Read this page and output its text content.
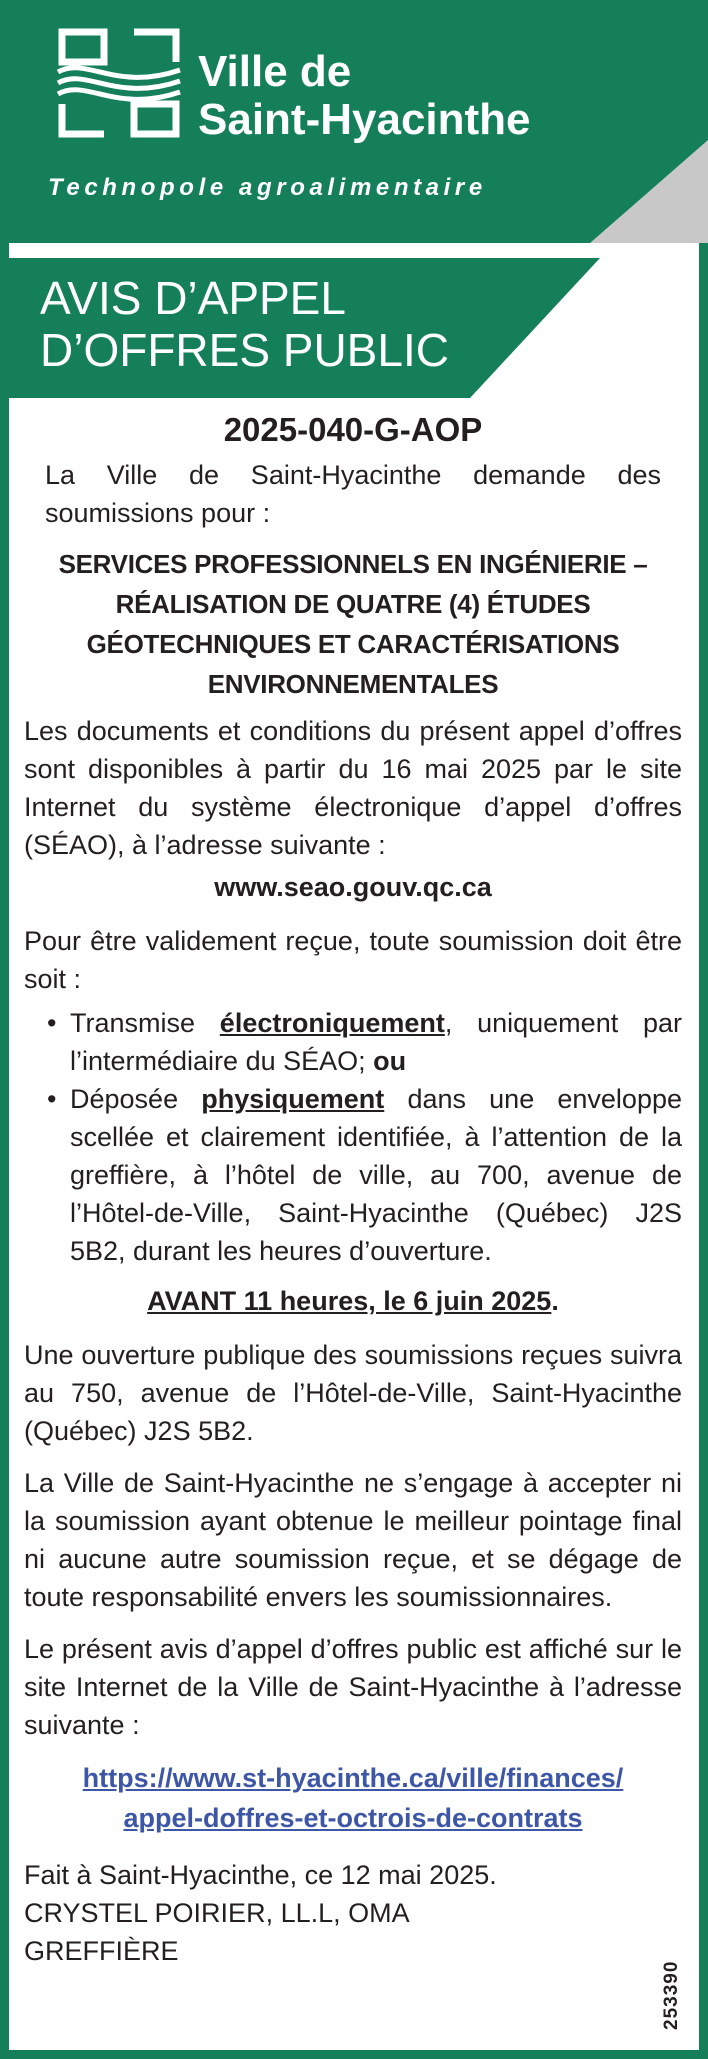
Ville de
Saint-Hyacinthe
Technopole agroalimentaire
AVIS D’APPEL
D’OFFRES PUBLIC
2025-040-G-AOP
La Ville de Saint-Hyacinthe demande des soumissions pour :
SERVICES PROFESSIONNELS EN INGÉNIERIE –
RÉALISATION DE QUATRE (4) ÉTUDES
GÉOTECHNIQUES ET CARACTÉRISATIONS
ENVIRONNEMENTALES

Les documents et conditions du présent appel d’offres sont disponibles à partir du 16 mai 2025 par le site Internet du système électronique d’appel d’offres (SÉAO), à l’adresse suivante :

www.seao.gouv.qc.ca

Pour être validement reçue, toute soumission doit être soit :

• Transmise électroniquement, uniquement par l’intermédiaire du SÉAO; ou
• Déposée physiquement dans une enveloppe scellée et clairement identifiée, à l’attention de la greffière, à l’hôtel de ville, au 700, avenue de l’Hôtel-de-Ville, Saint-Hyacinthe (Québec) J2S 5B2, durant les heures d’ouverture.
AVANT 11 heures, le 6 juin 2025.

Une ouverture publique des soumissions reçues suivra au 750, avenue de l’Hôtel-de-Ville, Saint-Hyacinthe (Québec) J2S 5B2.

La Ville de Saint-Hyacinthe ne s’engage à accepter ni la soumission ayant obtenue le meilleur pointage final ni aucune autre soumission reçue, et se dégage de toute responsabilité envers les soumissionnaires.

Le présent avis d’appel d’offres public est affiché sur le site Internet de la Ville de Saint-Hyacinthe à l’adresse suivante :

https://www.st-hyacinthe.ca/ville/finances/
appel-doffres-et-octrois-de-contrats

Fait à Saint-Hyacinthe, ce 12 mai 2025.

CRYSTEL POIRIER, LL.L, OMA

GREFFIÈRE

253390
